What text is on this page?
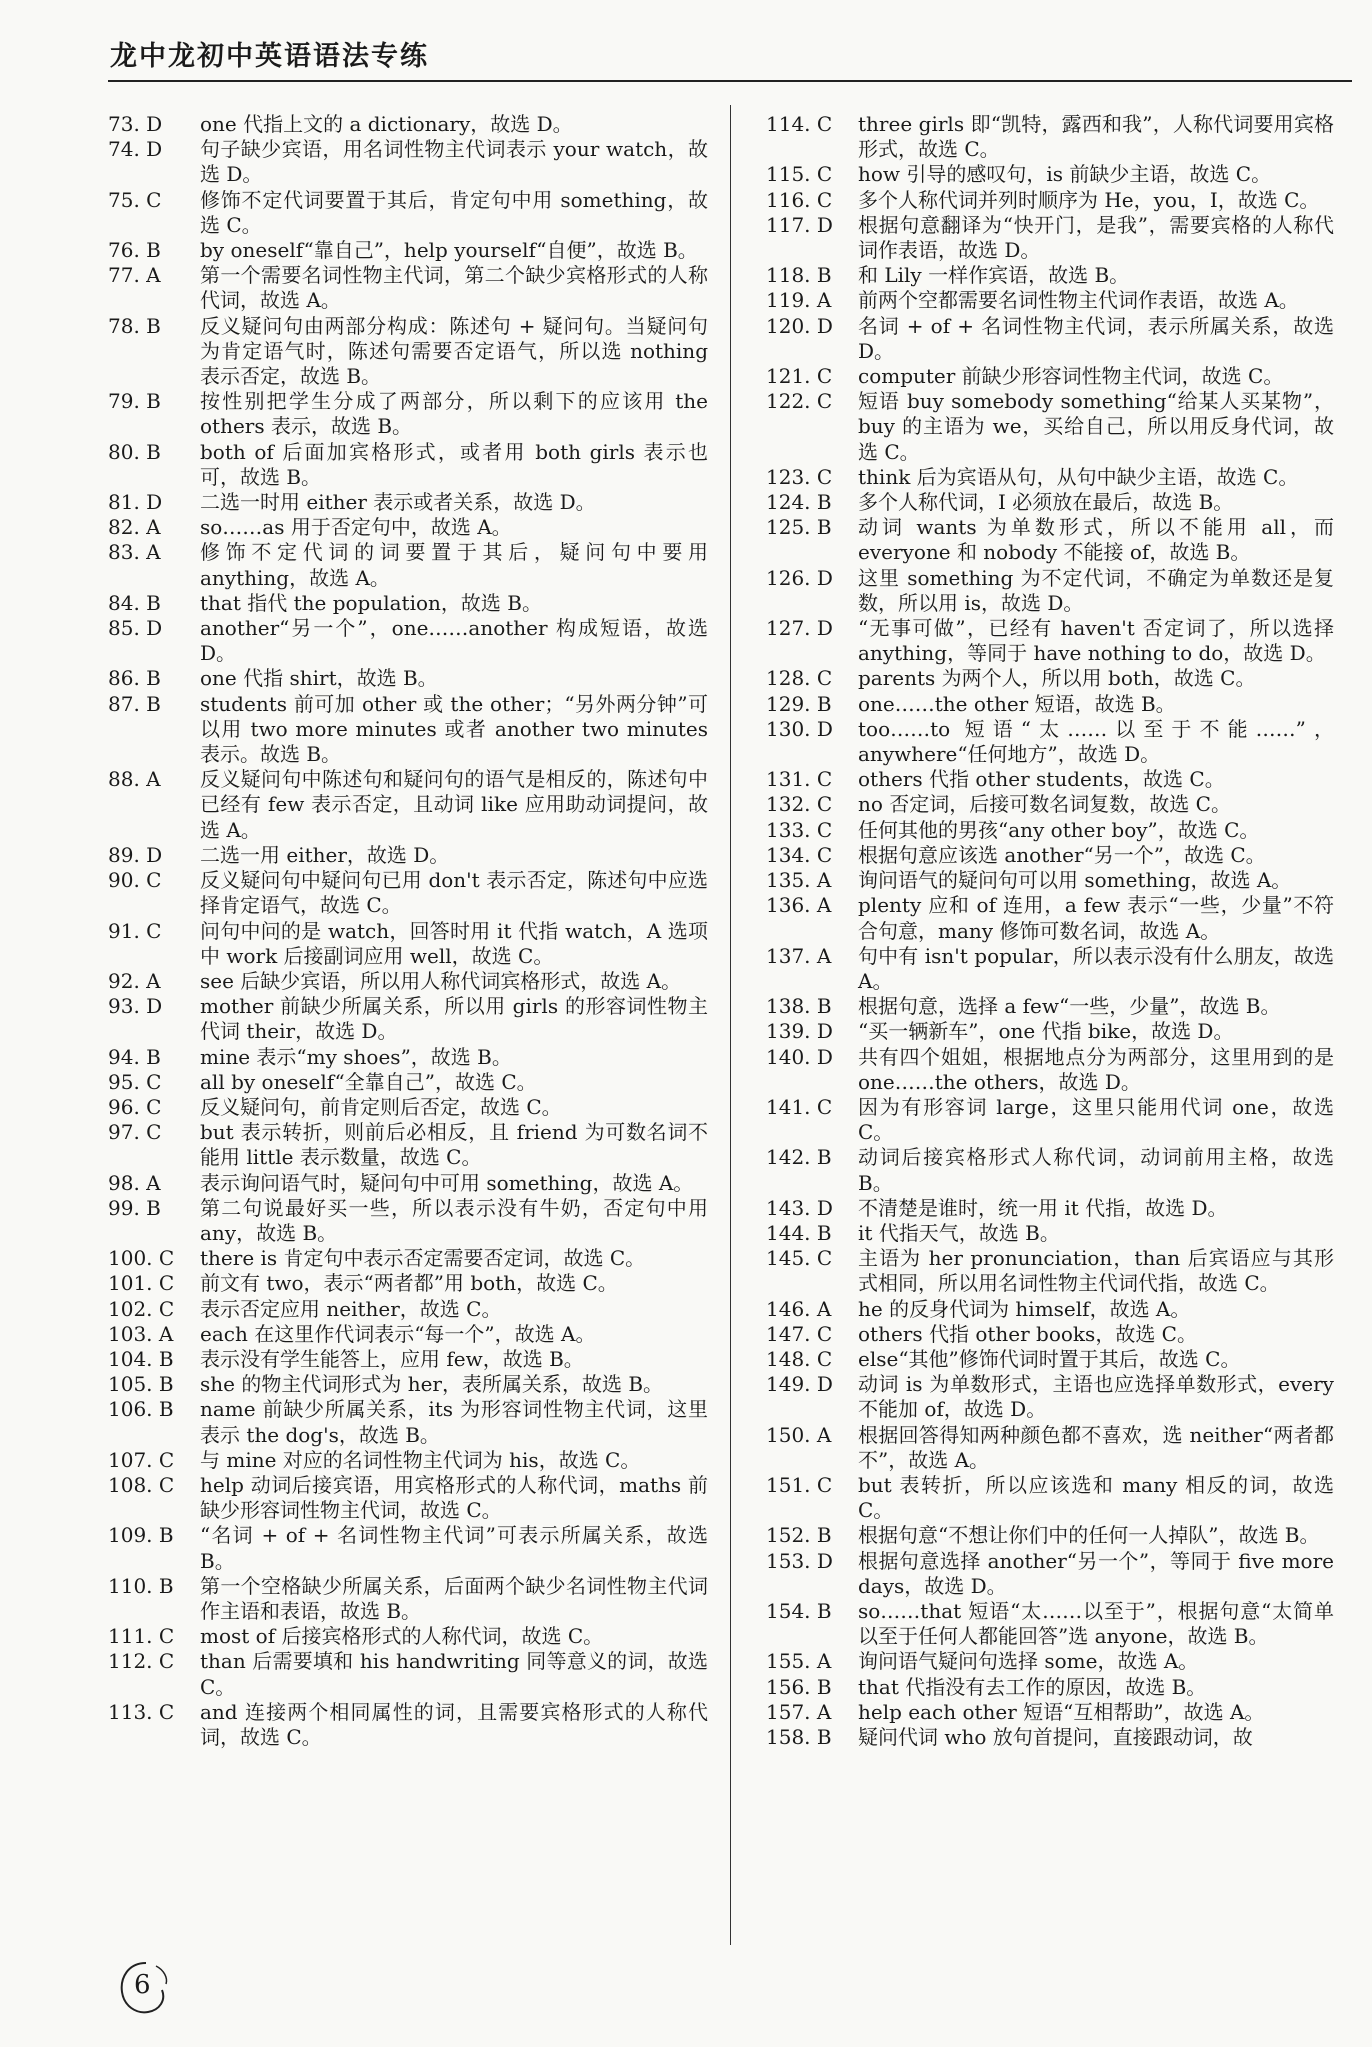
龙中龙初中英语语法专练
73. D	one 代指上文的 a dictionary，故选 D。
74. D	句子缺少宾语，用名词性物主代词表示 your watch，故选 D。
75. C	修饰不定代词要置于其后，肯定句中用 something，故选 C。
76. B	by oneself“靠自己”，help yourself“自便”，故选 B。
77. A	第一个需要名词性物主代词，第二个缺少宾格形式的人称代词，故选 A。
78. B	反义疑问句由两部分构成：陈述句 + 疑问句。当疑问句为肯定语气时，陈述句需要否定语气，所以选 nothing 表示否定，故选 B。
79. B	按性别把学生分成了两部分，所以剩下的应该用 the others 表示，故选 B。
80. B	both of 后面加宾格形式，或者用 both girls 表示也可，故选 B。
81. D	二选一时用 either 表示或者关系，故选 D。
82. A	so……as 用于否定句中，故选 A。
83. A	修饰不定代词的词要置于其后，疑问句中要用 anything，故选 A。
84. B	that 指代 the population，故选 B。
85. D	another“另一个”，one……another 构成短语，故选 D。
86. B	one 代指 shirt，故选 B。
87. B	students 前可加 other 或 the other；“另外两分钟”可以用 two more minutes 或者 another two minutes 表示。故选 B。
88. A	反义疑问句中陈述句和疑问句的语气是相反的，陈述句中已经有 few 表示否定，且动词 like 应用助动词提问，故选 A。
89. D	二选一用 either，故选 D。
90. C	反义疑问句中疑问句已用 don't 表示否定，陈述句中应选择肯定语气，故选 C。
91. C	问句中问的是 watch，回答时用 it 代指 watch，A 选项中 work 后接副词应用 well，故选 C。
92. A	see 后缺少宾语，所以用人称代词宾格形式，故选 A。
93. D	mother 前缺少所属关系，所以用 girls 的形容词性物主代词 their，故选 D。
94. B	mine 表示“my shoes”，故选 B。
95. C	all by oneself“全靠自己”，故选 C。
96. C	反义疑问句，前肯定则后否定，故选 C。
97. C	but 表示转折，则前后必相反，且 friend 为可数名词不能用 little 表示数量，故选 C。
98. A	表示询问语气时，疑问句中可用 something，故选 A。
99. B	第二句说最好买一些，所以表示没有牛奶，否定句中用 any，故选 B。
100. C	there is 肯定句中表示否定需要否定词，故选 C。
101. C	前文有 two，表示“两者都”用 both，故选 C。
102. C	表示否定应用 neither，故选 C。
103. A	each 在这里作代词表示“每一个”，故选 A。
104. B	表示没有学生能答上，应用 few，故选 B。
105. B	she 的物主代词形式为 her，表所属关系，故选 B。
106. B	name 前缺少所属关系，its 为形容词性物主代词，这里表示 the dog's，故选 B。
107. C	与 mine 对应的名词性物主代词为 his，故选 C。
108. C	help 动词后接宾语，用宾格形式的人称代词，maths 前缺少形容词性物主代词，故选 C。
109. B	“名词 + of + 名词性物主代词”可表示所属关系，故选 B。
110. B	第一个空格缺少所属关系，后面两个缺少名词性物主代词作主语和表语，故选 B。
111. C	most of 后接宾格形式的人称代词，故选 C。
112. C	than 后需要填和 his handwriting 同等意义的词，故选 C。
113. C	and 连接两个相同属性的词，且需要宾格形式的人称代词，故选 C。
114. C	three girls 即“凯特，露西和我”，人称代词要用宾格形式，故选 C。
115. C	how 引导的感叹句，is 前缺少主语，故选 C。
116. C	多个人称代词并列时顺序为 He，you，I，故选 C。
117. D	根据句意翻译为“快开门，是我”，需要宾格的人称代词作表语，故选 D。
118. B	和 Lily 一样作宾语，故选 B。
119. A	前两个空都需要名词性物主代词作表语，故选 A。
120. D	名词 + of + 名词性物主代词，表示所属关系，故选 D。
121. C	computer 前缺少形容词性物主代词，故选 C。
122. C	短语 buy somebody something“给某人买某物”，buy 的主语为 we，买给自己，所以用反身代词，故选 C。
123. C	think 后为宾语从句，从句中缺少主语，故选 C。
124. B	多个人称代词，I 必须放在最后，故选 B。
125. B	动词 wants 为单数形式，所以不能用 all，而 everyone 和 nobody 不能接 of，故选 B。
126. D	这里 something 为不定代词，不确定为单数还是复数，所以用 is，故选 D。
127. D	“无事可做”，已经有 haven't 否定词了，所以选择 anything，等同于 have nothing to do，故选 D。
128. C	parents 为两个人，所以用 both，故选 C。
129. B	one……the other 短语，故选 B。
130. D	too……to 短语“太……以至于不能……”，anywhere“任何地方”，故选 D。
131. C	others 代指 other students，故选 C。
132. C	no 否定词，后接可数名词复数，故选 C。
133. C	任何其他的男孩“any other boy”，故选 C。
134. C	根据句意应该选 another“另一个”，故选 C。
135. A	询问语气的疑问句可以用 something，故选 A。
136. A	plenty 应和 of 连用，a few 表示“一些，少量”不符合句意，many 修饰可数名词，故选 A。
137. A	句中有 isn't popular，所以表示没有什么朋友，故选 A。
138. B	根据句意，选择 a few“一些，少量”，故选 B。
139. D	“买一辆新车”，one 代指 bike，故选 D。
140. D	共有四个姐姐，根据地点分为两部分，这里用到的是 one……the others，故选 D。
141. C	因为有形容词 large，这里只能用代词 one，故选 C。
142. B	动词后接宾格形式人称代词，动词前用主格，故选 B。
143. D	不清楚是谁时，统一用 it 代指，故选 D。
144. B	it 代指天气，故选 B。
145. C	主语为 her pronunciation，than 后宾语应与其形式相同，所以用名词性物主代词代指，故选 C。
146. A	he 的反身代词为 himself，故选 A。
147. C	others 代指 other books，故选 C。
148. C	else“其他”修饰代词时置于其后，故选 C。
149. D	动词 is 为单数形式，主语也应选择单数形式，every 不能加 of，故选 D。
150. A	根据回答得知两种颜色都不喜欢，选 neither“两者都不”，故选 A。
151. C	but 表转折，所以应该选和 many 相反的词，故选 C。
152. B	根据句意“不想让你们中的任何一人掉队”，故选 B。
153. D	根据句意选择 another“另一个”，等同于 five more days，故选 D。
154. B	so……that 短语“太……以至于”，根据句意“太简单以至于任何人都能回答”选 anyone，故选 B。
155. A	询问语气疑问句选择 some，故选 A。
156. B	that 代指没有去工作的原因，故选 B。
157. A	help each other 短语“互相帮助”，故选 A。
158. B	疑问代词 who 放句首提问，直接跟动词，故
6
